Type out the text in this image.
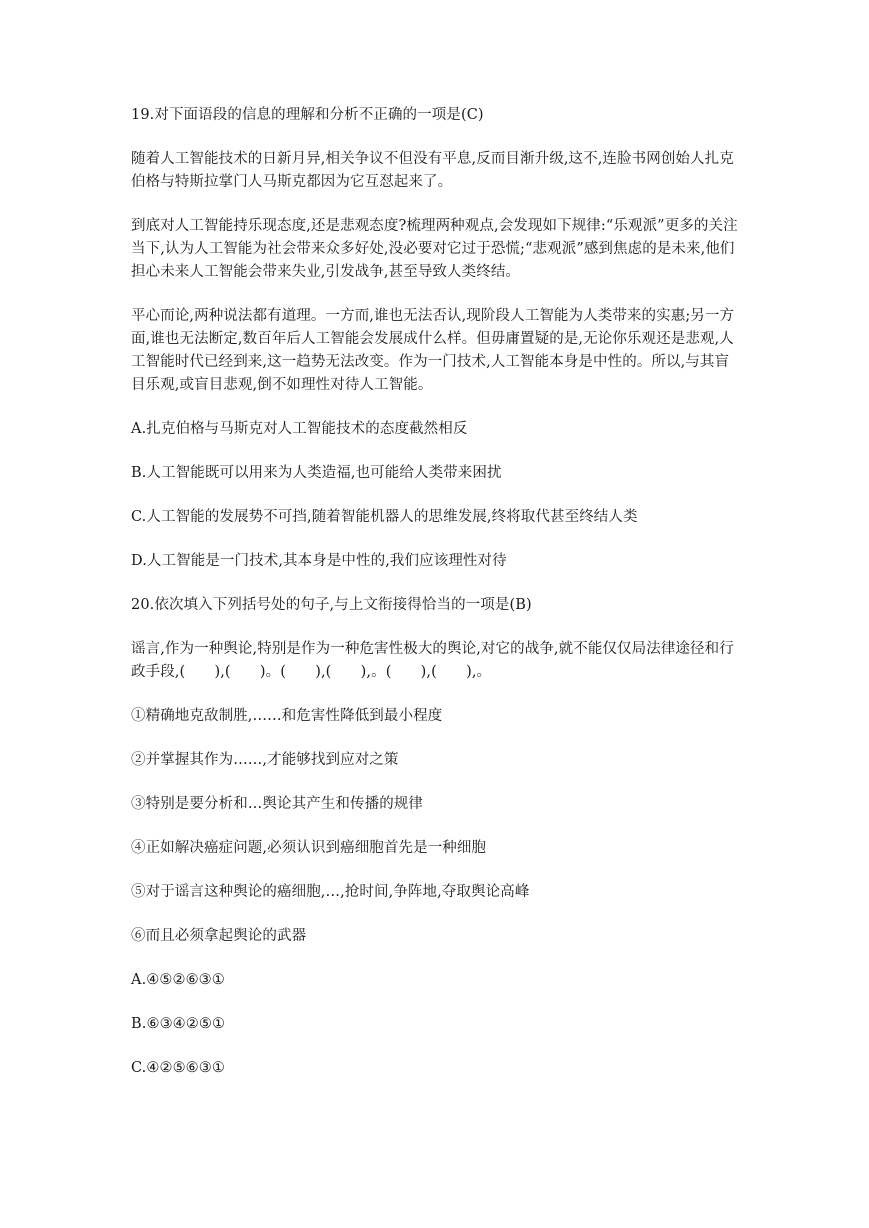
19.对下面语段的信息的理解和分析不正确的一项是(C)

随着人工智能技术的日新月异,相关争议不但没有平息,反而目渐升级,这不,连脸书网创始人扎克伯格与特斯拉掌门人马斯克都因为它互怼起来了。

到底对人工智能持乐现态度,还是悲观态度?梳理两种观点,会发现如下规律:“乐观派”更多的关注当下,认为人工智能为社会带来众多好处,没必要对它过于恐慌;“悲观派”感到焦虑的是未来,他们担心未来人工智能会带来失业,引发战争,甚至导致人类终结。

平心而论,两种说法都有道理。一方而,谁也无法否认,现阶段人工智能为人类带来的实惠;另一方面,谁也无法断定,数百年后人工智能会发展成什么样。但毋庸置疑的是,无论你乐观还是悲观,人工智能时代已经到来,这一趋势无法改变。作为一门技术,人工智能本身是中性的。所以,与其盲目乐观,或盲目悲观,倒不如理性对待人工智能。

A.扎克伯格与马斯克对人工智能技术的态度截然相反

B.人工智能既可以用来为人类造福,也可能给人类带来困扰

C.人工智能的发展势不可挡,随着智能机器人的思维发展,终将取代甚至终结人类

D.人工智能是一门技术,其本身是中性的,我们应该理性对待

20.依次填入下列括号处的句子,与上文衔接得恰当的一项是(B)

谣言,作为一种舆论,特别是作为一种危害性极大的舆论,对它的战争,就不能仅仅局法律途径和行政手段,(　　),(　　)。(　　),(　　),。(　　),(　　),。

①精确地克敌制胜,……和危害性降低到最小程度

②并掌握其作为……,才能够找到应对之策

③特别是要分析和…舆论其产生和传播的规律

④正如解决癌症问题,必须认识到癌细胞首先是一种细胞

⑤对于谣言这种舆论的癌细胞,…,抢时间,争阵地,夺取舆论高峰

⑥而且必须拿起舆论的武器

A.④⑤②⑥③①

B.⑥③④②⑤①

C.④②⑤⑥③①
